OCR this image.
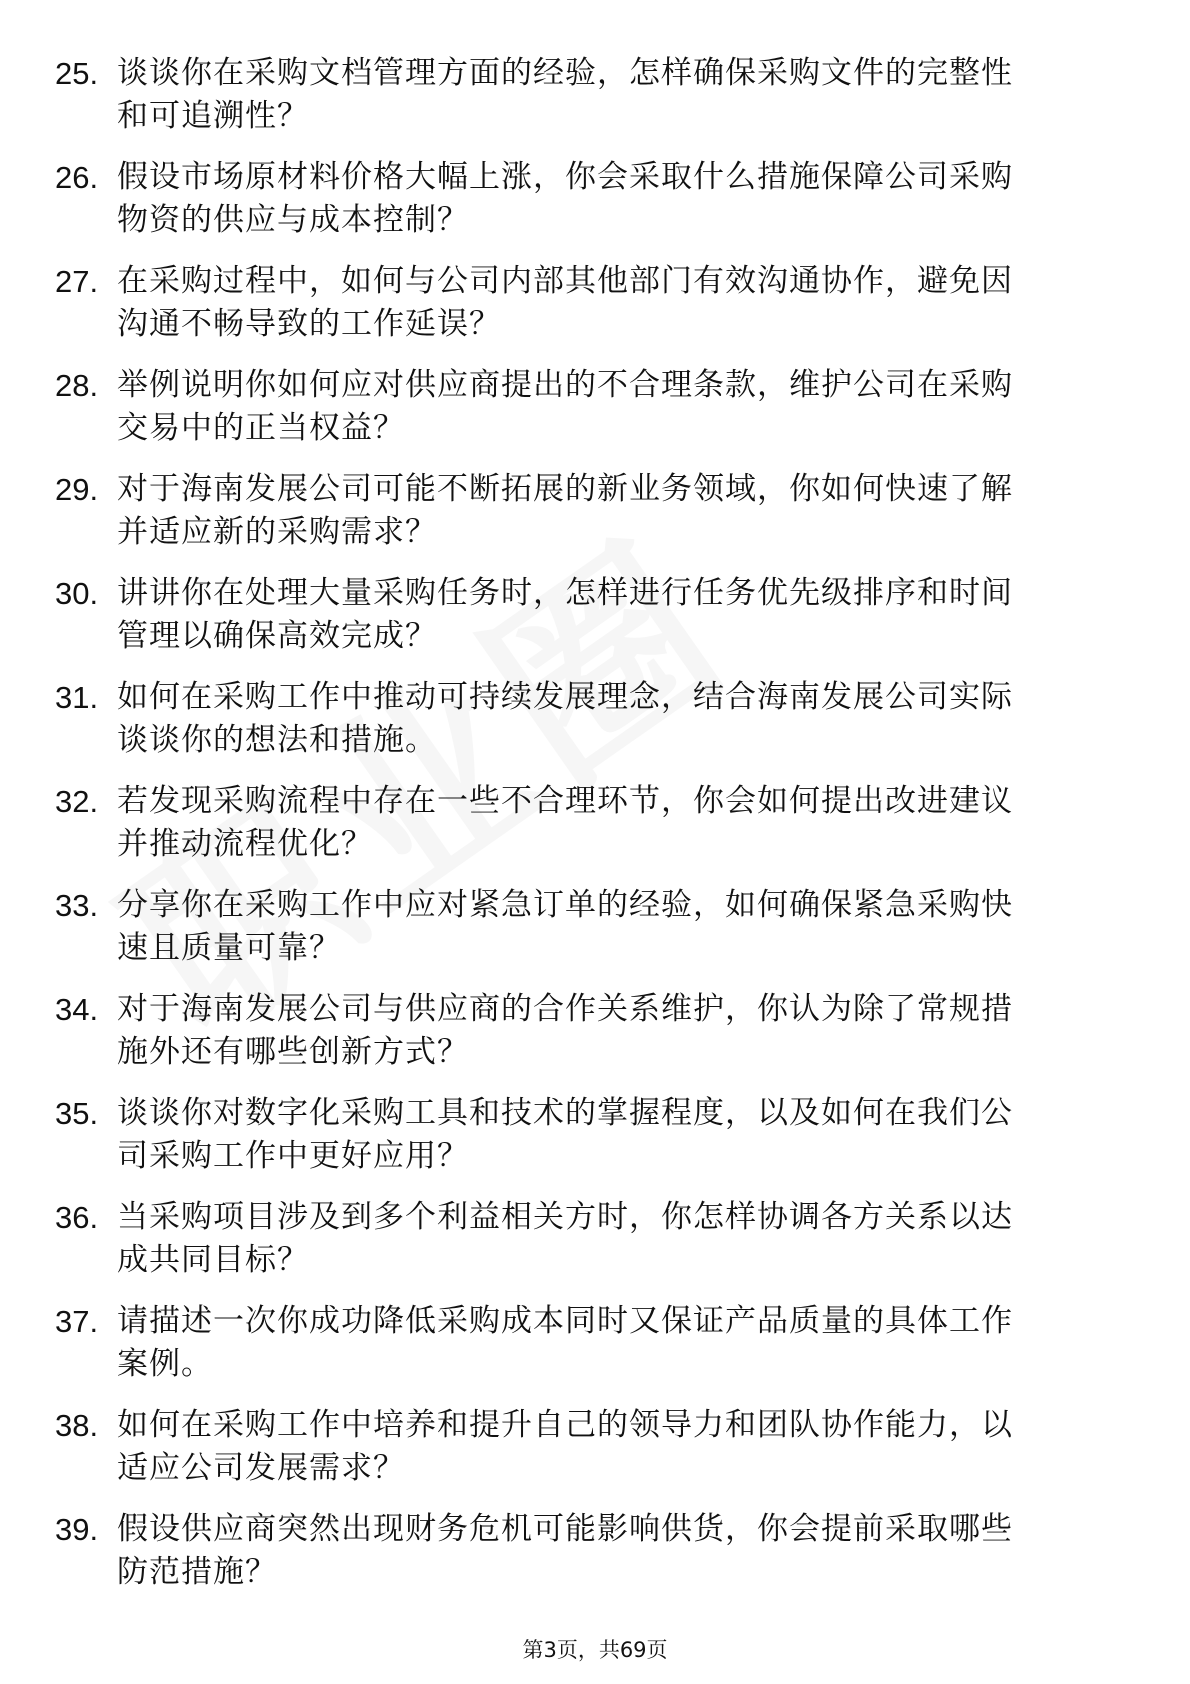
25. 谈谈你在采购文档管理方面的经验，怎样确保采购文件的完整性和可追溯性？
26. 假设市场原材料价格大幅上涨，你会采取什么措施保障公司采购物资的供应与成本控制？
27. 在采购过程中，如何与公司内部其他部门有效沟通协作，避免因沟通不畅导致的工作延误？
28. 举例说明你如何应对供应商提出的不合理条款，维护公司在采购交易中的正当权益？
29. 对于海南发展公司可能不断拓展的新业务领域，你如何快速了解并适应新的采购需求？
30. 讲讲你在处理大量采购任务时，怎样进行任务优先级排序和时间管理以确保高效完成？
31. 如何在采购工作中推动可持续发展理念，结合海南发展公司实际谈谈你的想法和措施。
32. 若发现采购流程中存在一些不合理环节，你会如何提出改进建议并推动流程优化？
33. 分享你在采购工作中应对紧急订单的经验，如何确保紧急采购快速且质量可靠？
34. 对于海南发展公司与供应商的合作关系维护，你认为除了常规措施外还有哪些创新方式？
35. 谈谈你对数字化采购工具和技术的掌握程度，以及如何在我们公司采购工作中更好应用？
36. 当采购项目涉及到多个利益相关方时，你怎样协调各方关系以达成共同目标？
37. 请描述一次你成功降低采购成本同时又保证产品质量的具体工作案例。
38. 如何在采购工作中培养和提升自己的领导力和团队协作能力，以适应公司发展需求？
39. 假设供应商突然出现财务危机可能影响供货，你会提前采取哪些防范措施？
第3页，共69页
